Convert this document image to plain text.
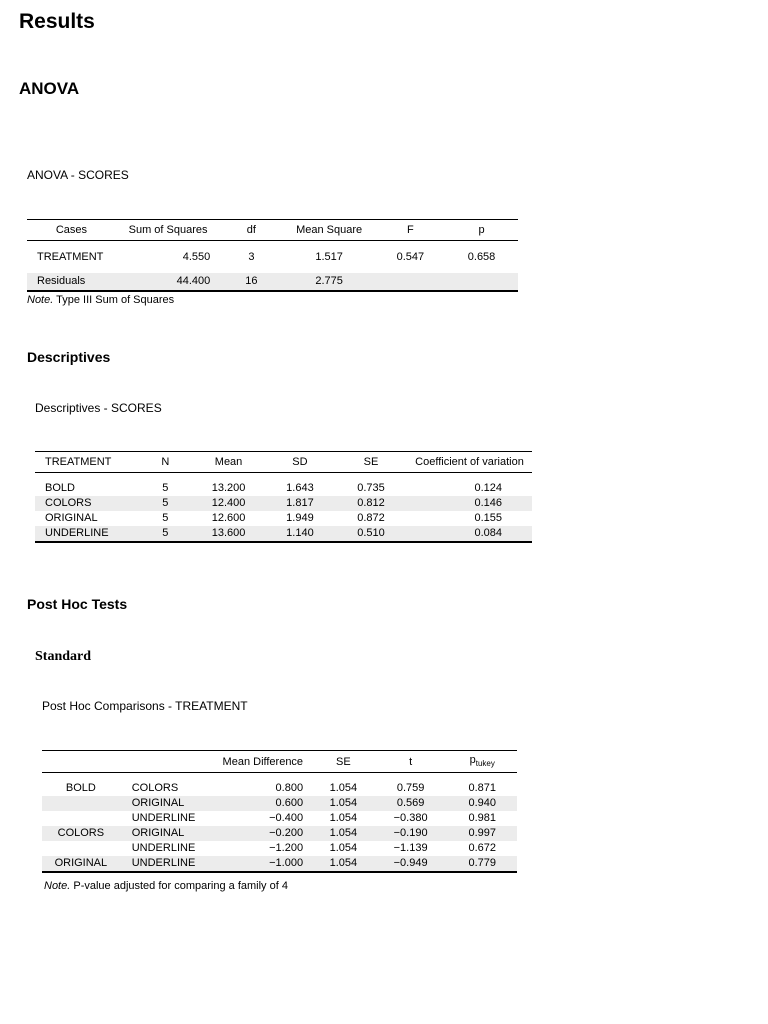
Results
ANOVA
ANOVA - SCORES
Cases	Sum of Squares	df	Mean Square	F	p

TREATMENT	4.550	3	1.517	0.547	0.658

Residuals	44.400	16	2.775		
Note. Type III Sum of Squares
Descriptives
Descriptives - SCORES
TREATMENT	N	Mean	SD	SE	Coefficient of variation

BOLD	5	13.200	1.643	0.735	0.124
COLORS	5	12.400	1.817	0.812	0.146
ORIGINAL	5	12.600	1.949	0.872	0.155
UNDERLINE	5	13.600	1.140	0.510	0.084
Post Hoc Tests
Standard
Post Hoc Comparisons - TREATMENT
		Mean Difference	SE	t	$p_{tukey}$

BOLD	COLORS	0.800	1.054	0.759	0.871
	ORIGINAL	0.600	1.054	0.569	0.940
	UNDERLINE	−0.400	1.054	−0.380	0.981
COLORS	ORIGINAL	−0.200	1.054	−0.190	0.997
	UNDERLINE	−1.200	1.054	−1.139	0.672
ORIGINAL	UNDERLINE	−1.000	1.054	−0.949	0.779
Note. P-value adjusted for comparing a family of 4
